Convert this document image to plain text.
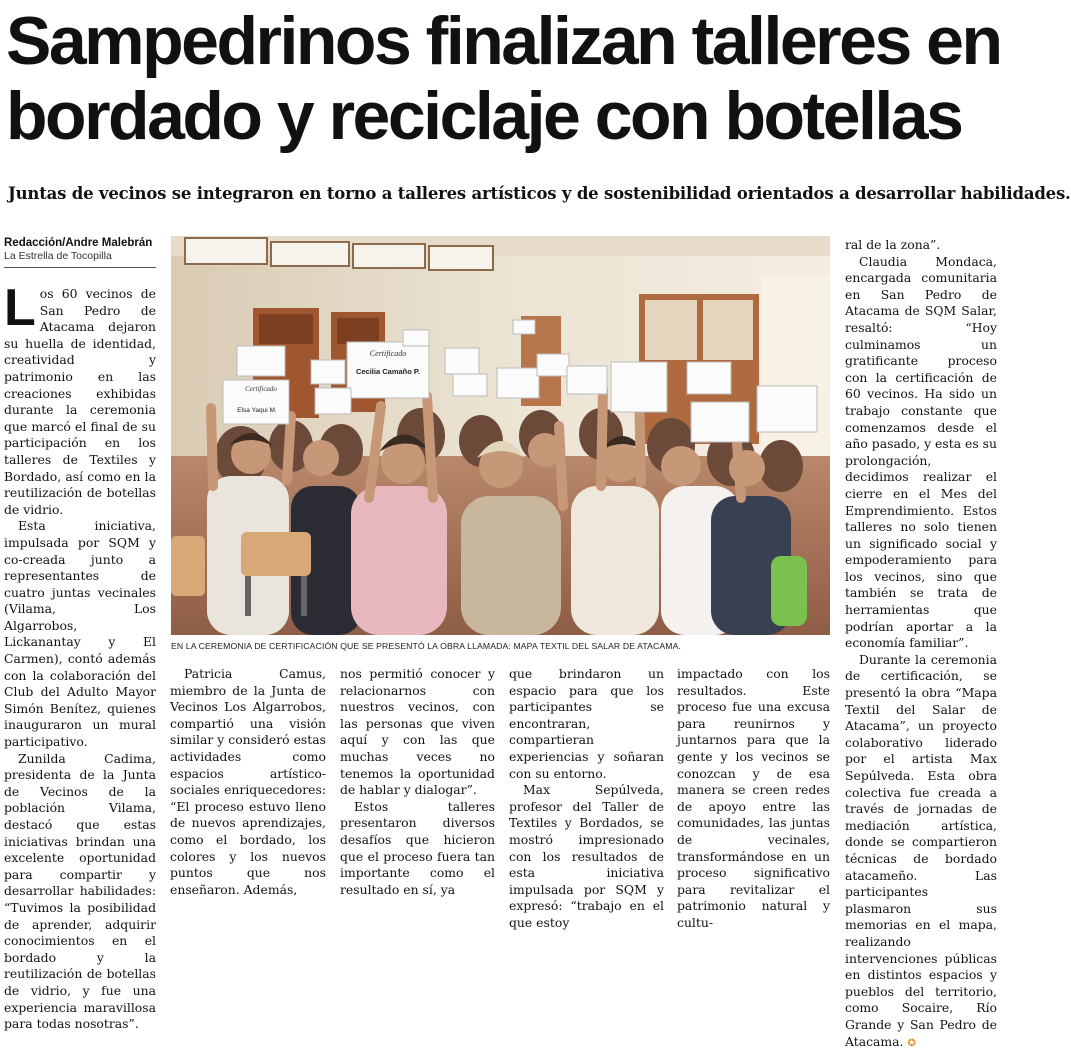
Sampedrinos finalizan talleres en
bordado y reciclaje con botellas

Juntas de vecinos se integraron en torno a talleres artísticos y de sostenibilidad orientados a desarrollar habilidades.

Redacción/Andre Malebrán
La Estrella de Tocopilla

Los 60 vecinos de San Pedro de Atacama dejaron su huella de identidad, creatividad y patrimonio en las creaciones exhibidas durante la ceremonia que marcó el final de su participación en los talleres de Textiles y Bordado, así como en la reutilización de botellas de vidrio.

Esta iniciativa, impulsada por SQM y co-creada junto a representantes de cuatro juntas vecinales (Vilama, Los Algarrobos, Lickanantay y El Carmen), contó además con la colaboración del Club del Adulto Mayor Simón Benítez, quienes inauguraron un mural participativo.

Zunilda Cadima, presidenta de la Junta de Vecinos de la población Vilama, destacó que estas iniciativas brindan una excelente oportunidad para compartir y desarrollar habilidades: “Tuvimos la posibilidad de aprender, adquirir conocimientos en el bordado y la reutilización de botellas de vidrio, y fue una experiencia maravillosa para todas nosotras”.

Certificado
Elsa Yaqui M.
Certificado
Cecilia Camaño P.
EN LA CEREMONIA DE CERTIFICACIÓN QUE SE PRESENTÓ LA OBRA LLAMADA: MAPA TEXTIL DEL SALAR DE ATACAMA.

Patricia Camus, miembro de la Junta de Vecinos Los Algarrobos, compartió una visión similar y consideró estas actividades como espacios artístico-sociales enriquecedores: “El proceso estuvo lleno de nuevos aprendizajes, como el bordado, los colores y los nuevos puntos que nos enseñaron. Además,

nos permitió conocer y relacionarnos con nuestros vecinos, con las personas que viven aquí y con las que muchas veces no tenemos la oportunidad de hablar y dialogar”.

Estos talleres presentaron diversos desafíos que hicieron que el proceso fuera tan importante como el resultado en sí, ya

que brindaron un espacio para que los participantes se encontraran, compartieran experiencias y soñaran con su entorno.

Max Sepúlveda, profesor del Taller de Textiles y Bordados, se mostró impresionado con los resultados de esta iniciativa impulsada por SQM y expresó: “trabajo en el que estoy

impactado con los resultados. Este proceso fue una excusa para reunirnos y juntarnos para que la gente y los vecinos se conozcan y de esa manera se creen redes de apoyo entre las comunidades, las juntas de vecinales, transformándose en un proceso significativo para revitalizar el patrimonio natural y cultu-

ral de la zona”.

Claudia Mondaca, encargada comunitaria en San Pedro de Atacama de SQM Salar, resaltó: “Hoy culminamos un gratificante proceso con la certificación de 60 vecinos. Ha sido un trabajo constante que comenzamos desde el año pasado, y esta es su prolongación, decidimos realizar el cierre en el Mes del Emprendimiento. Estos talleres no solo tienen un significado social y empoderamiento para los vecinos, sino que también se trata de herramientas que podrían aportar a la economía familiar”.

Durante la ceremonia de certificación, se presentó la obra “Mapa Textil del Salar de Atacama”, un proyecto colaborativo liderado por el artista Max Sepúlveda. Esta obra colectiva fue creada a través de jornadas de mediación artística, donde se compartieron técnicas de bordado atacameño. Las participantes plasmaron sus memorias en el mapa, realizando intervenciones públicas en distintos espacios y pueblos del territorio, como Socaire, Río Grande y San Pedro de Atacama. ✪
